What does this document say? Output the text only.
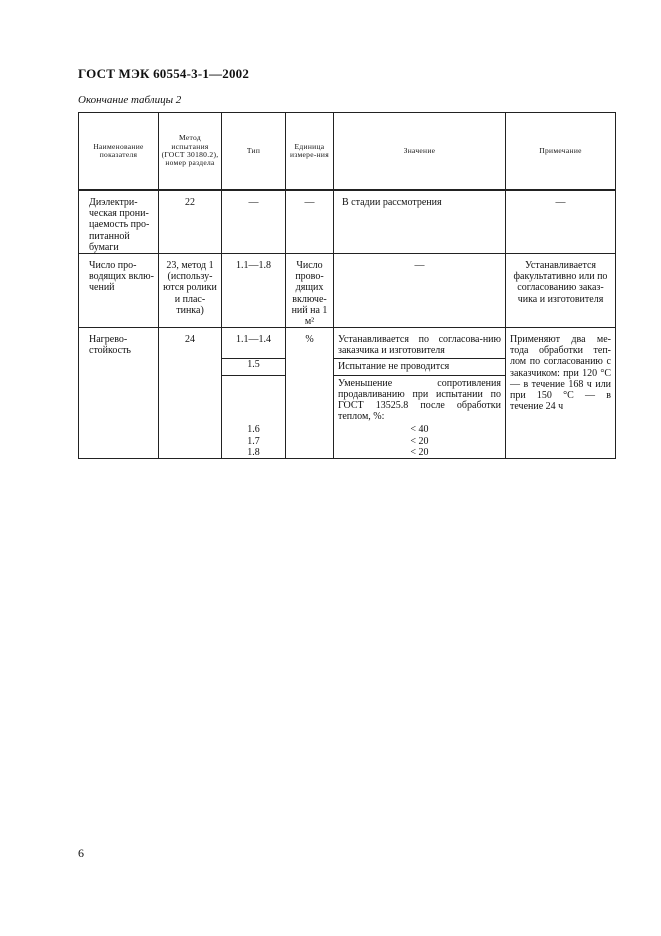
ГОСТ МЭК 60554-3-1—2002
Окончание таблицы 2
Наименование показателя	Метод испытания (ГОСТ 30180.2), номер раздела	Тип	Единица измере-ния	Значение	Примечание
Диэлектри-ческая прони-цаемость про-питанной бумаги	22	—	—	В стадии рассмотрения	—
Число про-водящих вклю-чений	23, метод 1 (использу-ются ролики и плас-тинка)	1.1—1.8	Число прово-дящих включе-ний на 1 м²	—	Устанавливается факультативно или по согласованию заказ-чика и изготовителя
Нагрево-стойкость	24	1.1—1.4	%	Устанавливается по согласова-нию заказчика и изготовителя	Применяют два ме-тода обработки теп-лом по согласованию с заказчиком: при 120 °С — в течение 168 ч или при 150 °С — в течение 24 ч
		1.5		Испытание не проводится	
				Уменьшение сопротивления продавливанию при испытании по ГОСТ 13525.8 после обработки теплом, %:	
		1.6		< 40	
		1.7		< 20	
		1.8		< 20	
6
